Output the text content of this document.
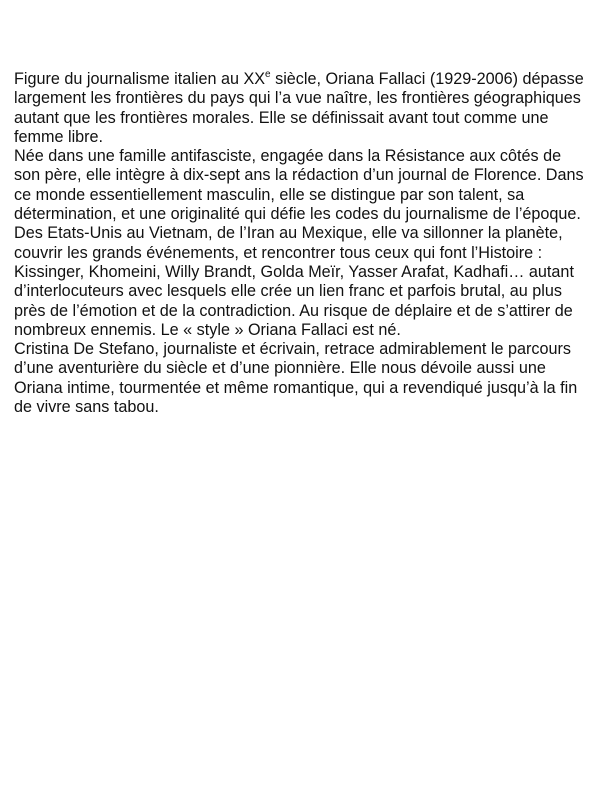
Figure du journalisme italien au XXe siècle, Oriana Fallaci (1929-2006) dépasse largement les frontières du pays qui l’a vue naître, les frontières géographiques autant que les frontières morales. Elle se définissait avant tout comme une femme libre.

Née dans une famille antifasciste, engagée dans la Résistance aux côtés de son père, elle intègre à dix-sept ans la rédaction d’un journal de Florence. Dans ce monde essentiellement masculin, elle se distingue par son talent, sa détermination, et une originalité qui défie les codes du journalisme de l’époque.

Des Etats-Unis au Vietnam, de l’Iran au Mexique, elle va sillonner la planète, couvrir les grands événements, et rencontrer tous ceux qui font l’Histoire : Kissinger, Khomeini, Willy Brandt, Golda Meïr, Yasser Arafat, Kadhafi… autant d’interlocuteurs avec lesquels elle crée un lien franc et parfois brutal, au plus près de l’émotion et de la contradiction. Au risque de déplaire et de s’attirer de nombreux ennemis. Le « style » Oriana Fallaci est né.

Cristina De Stefano, journaliste et écrivain, retrace admirablement le parcours d’une aventurière du siècle et d’une pionnière. Elle nous dévoile aussi une Oriana intime, tourmentée et même romantique, qui a revendiqué jusqu’à la fin de vivre sans tabou.
